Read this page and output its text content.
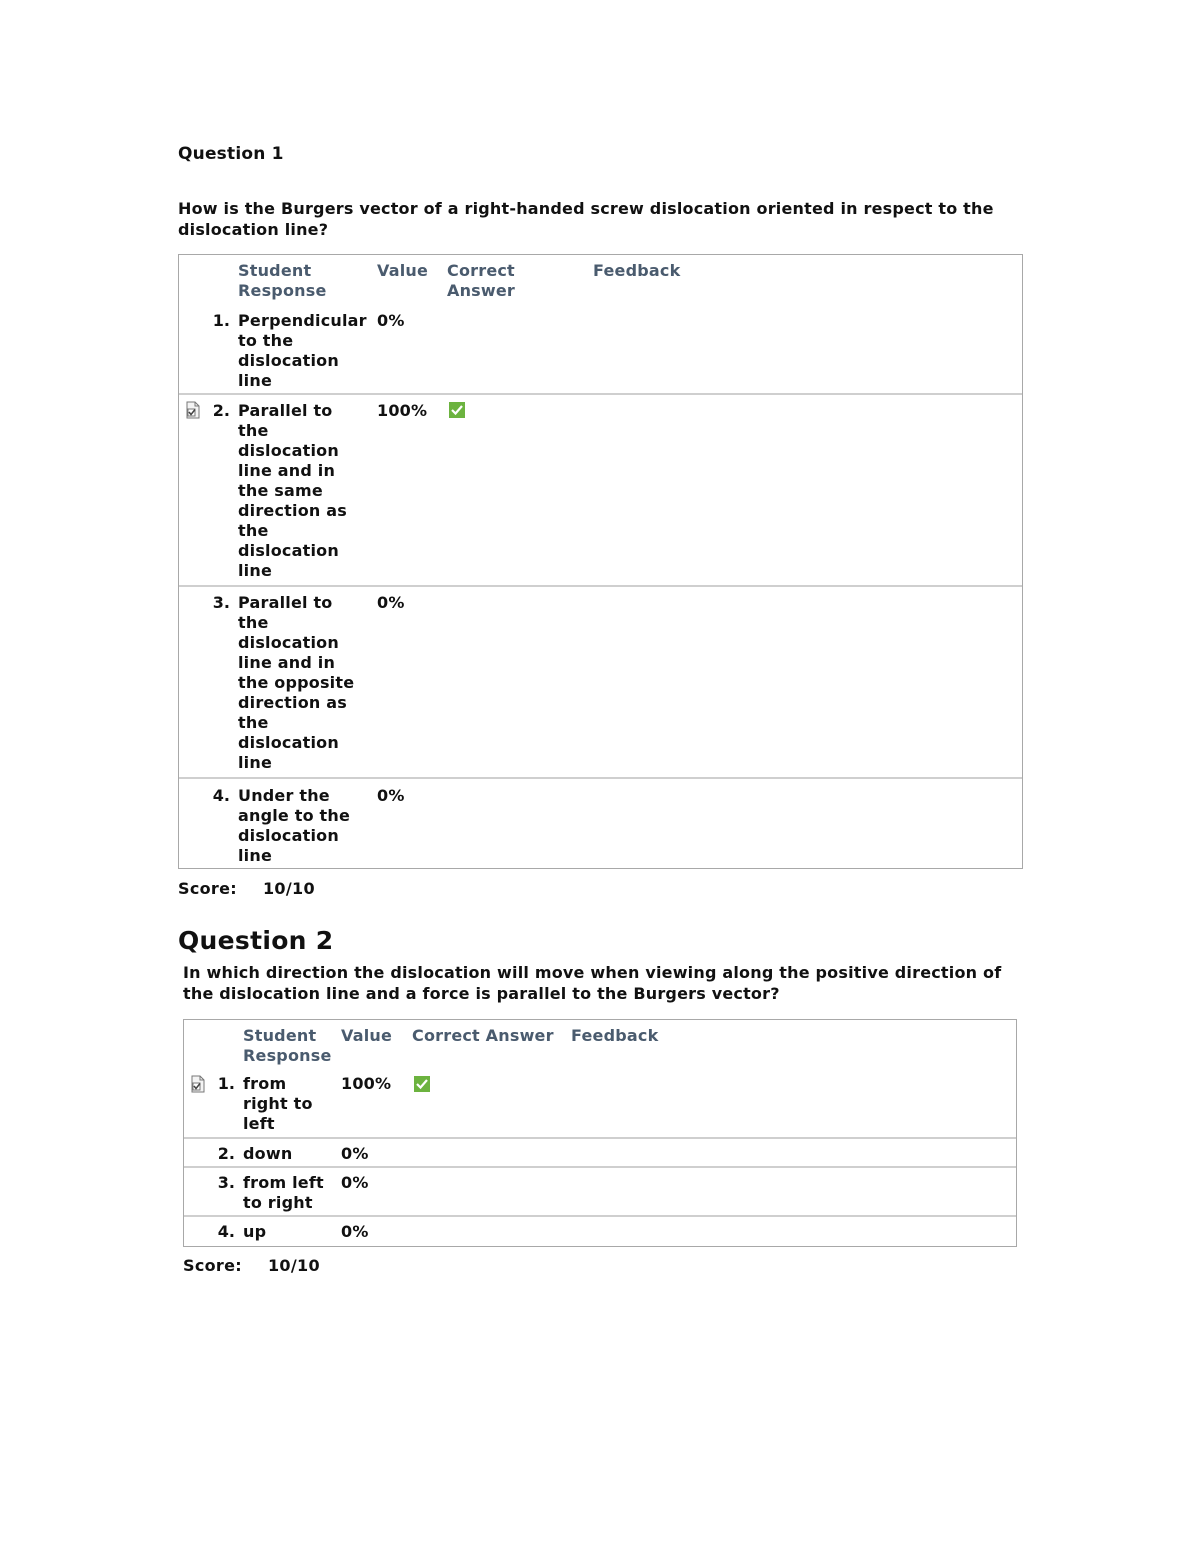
Question 1
How is the Burgers vector of a right-handed screw dislocation oriented in respect to the
dislocation line?
Student
Response
Value Correct
Answer
Feedback
1. Perpendicular
to the
dislocation
line
0%
2. Parallel to
the
dislocation
line and in
the same
direction as
the
dislocation
line
100%
3. Parallel to
the
dislocation
line and in
the opposite
direction as
the
dislocation
line
0%
4. Under the
angle to the
dislocation
line
0%
Score: 10/10
Question 2
In which direction the dislocation will move when viewing along the positive direction of
the dislocation line and a force is parallel to the Burgers vector?
Student
Response
Value Correct Answer Feedback
1. from
right to
left
100%
2. down	0%
3. from left
to right
0%
4. up	0%
Score: 10/10
